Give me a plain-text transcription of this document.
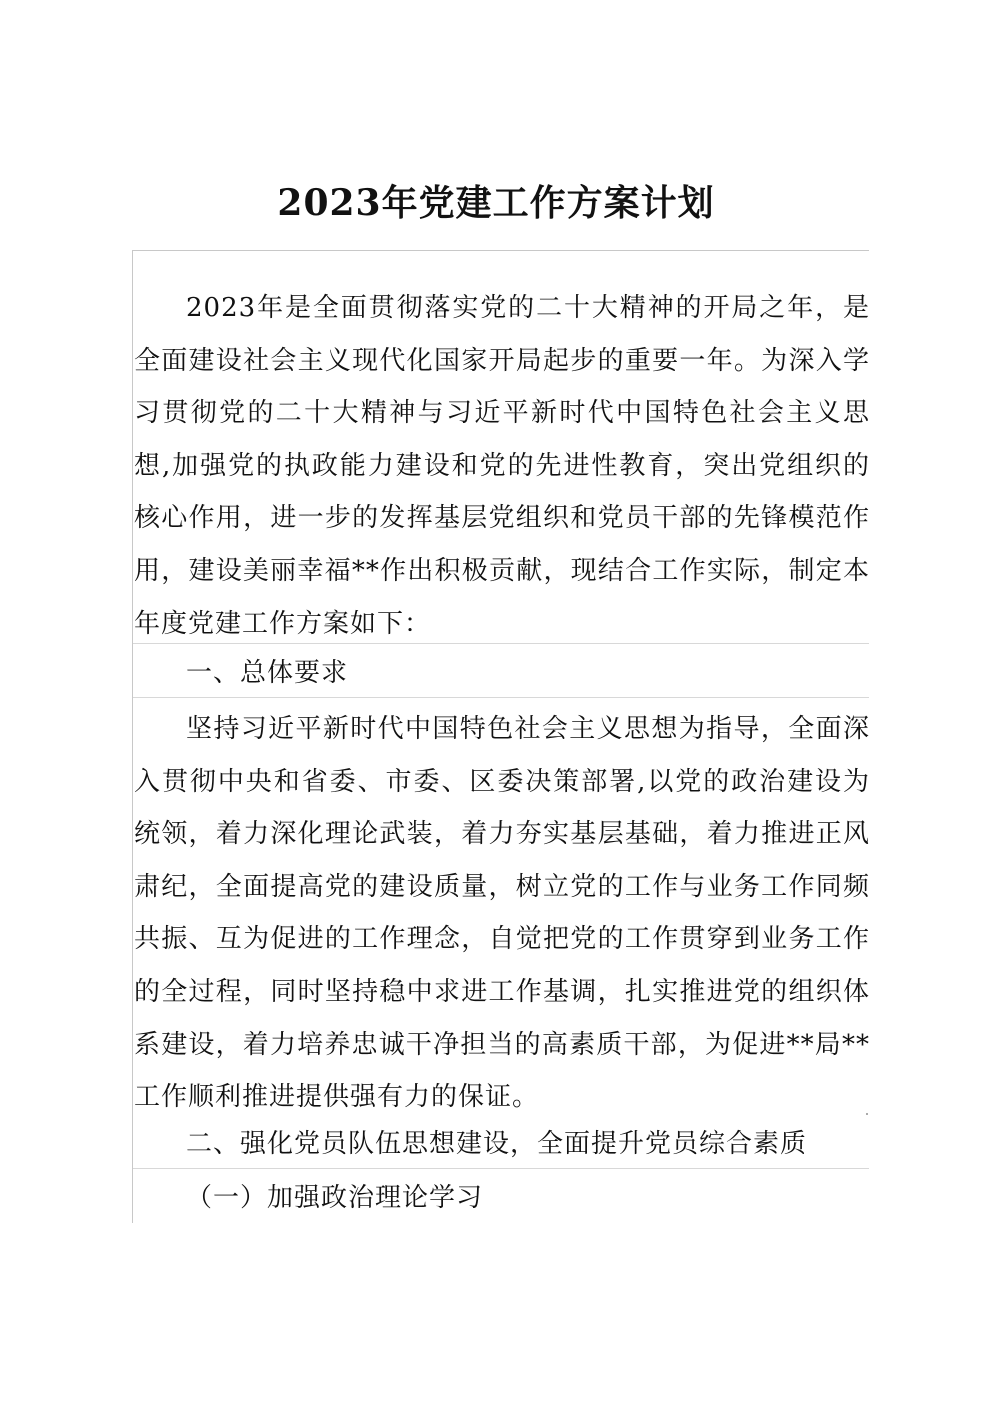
2023年党建工作方案计划

2023年是全面贯彻落实党的二十大精神的开局之年，是全面建设社会主义现代化国家开局起步的重要一年。为深入学习贯彻党的二十大精神与习近平新时代中国特色社会主义思想,加强党的执政能力建设和党的先进性教育，突出党组织的核心作用，进一步的发挥基层党组织和党员干部的先锋模范作用，建设美丽幸福**作出积极贡献，现结合工作实际，制定本年度党建工作方案如下：

一、总体要求

坚持习近平新时代中国特色社会主义思想为指导，全面深入贯彻中央和省委、市委、区委决策部署,以党的政治建设为统领，着力深化理论武装，着力夯实基层基础，着力推进正风肃纪，全面提高党的建设质量，树立党的工作与业务工作同频共振、互为促进的工作理念，自觉把党的工作贯穿到业务工作的全过程，同时坚持稳中求进工作基调，扎实推进党的组织体系建设，着力培养忠诚干净担当的高素质干部，为促进**局**工作顺利推进提供强有力的保证。

二、强化党员队伍思想建设，全面提升党员综合素质

（一）加强政治理论学习
